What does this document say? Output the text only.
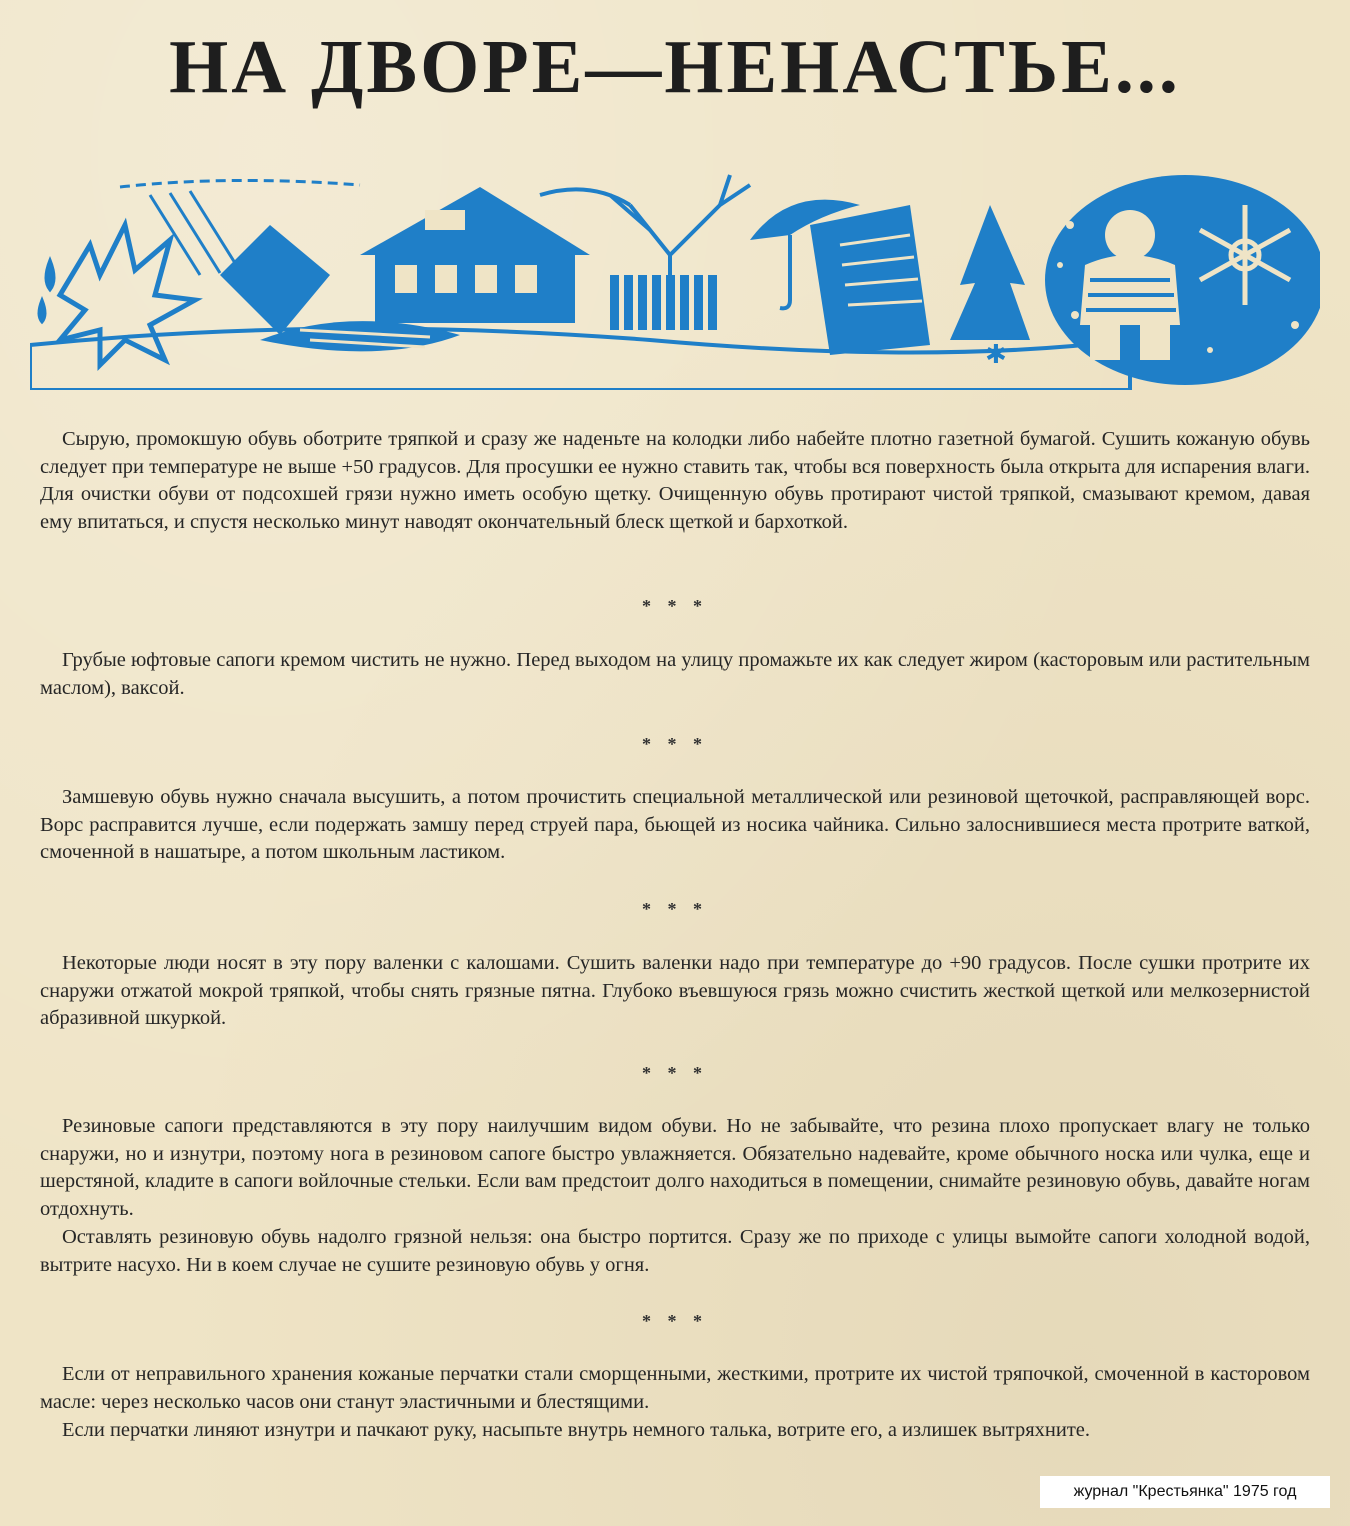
НА ДВОРЕ—НЕНАСТЬЕ...
✱

Сырую, промокшую обувь оботрите тряпкой и сразу же наденьте на колодки либо набейте плотно газетной бумагой. Сушить кожаную обувь следует при температуре не выше +50 градусов. Для просушки ее нужно ставить так, чтобы вся поверхность была открыта для испарения влаги. Для очистки обуви от подсохшей грязи нужно иметь особую щетку. Очищенную обувь протирают чистой тряпкой, смазывают кремом, давая ему впитаться, и спустя несколько минут наводят окончательный блеск щеткой и бархоткой.

* * *

Грубые юфтовые сапоги кремом чистить не нужно. Перед выходом на улицу промажьте их как следует жиром (касторовым или растительным маслом), ваксой.

* * *

Замшевую обувь нужно сначала высушить, а потом прочистить специальной металлической или резиновой щеточкой, расправляющей ворс. Ворс расправится лучше, если подержать замшу перед струей пара, бьющей из носика чайника. Сильно залоснившиеся места протрите ваткой, смоченной в нашатыре, а потом школьным ластиком.

* * *

Некоторые люди носят в эту пору валенки с калошами. Сушить валенки надо при температуре до +90 градусов. После сушки протрите их снаружи отжатой мокрой тряпкой, чтобы снять грязные пятна. Глубоко въевшуюся грязь можно счистить жесткой щеткой или мелкозернистой абразивной шкуркой.

* * *

Резиновые сапоги представляются в эту пору наилучшим видом обуви. Но не забывайте, что резина плохо пропускает влагу не только снаружи, но и изнутри, поэтому нога в резиновом сапоге быстро увлажняется. Обязательно надевайте, кроме обычного носка или чулка, еще и шерстяной, кладите в сапоги войлочные стельки. Если вам предстоит долго находиться в помещении, снимайте резиновую обувь, давайте ногам отдохнуть.

Оставлять резиновую обувь надолго грязной нельзя: она быстро портится. Сразу же по приходе с улицы вымойте сапоги холодной водой, вытрите насухо. Ни в коем случае не сушите резиновую обувь у огня.

* * *

Если от неправильного хранения кожаные перчатки стали сморщенными, жесткими, протрите их чистой тряпочкой, смоченной в касторовом масле: через несколько часов они станут эластичными и блестящими.

Если перчатки линяют изнутри и пачкают руку, насыпьте внутрь немного талька, вотрите его, а излишек вытряхните.

журнал "Крестьянка" 1975 год
